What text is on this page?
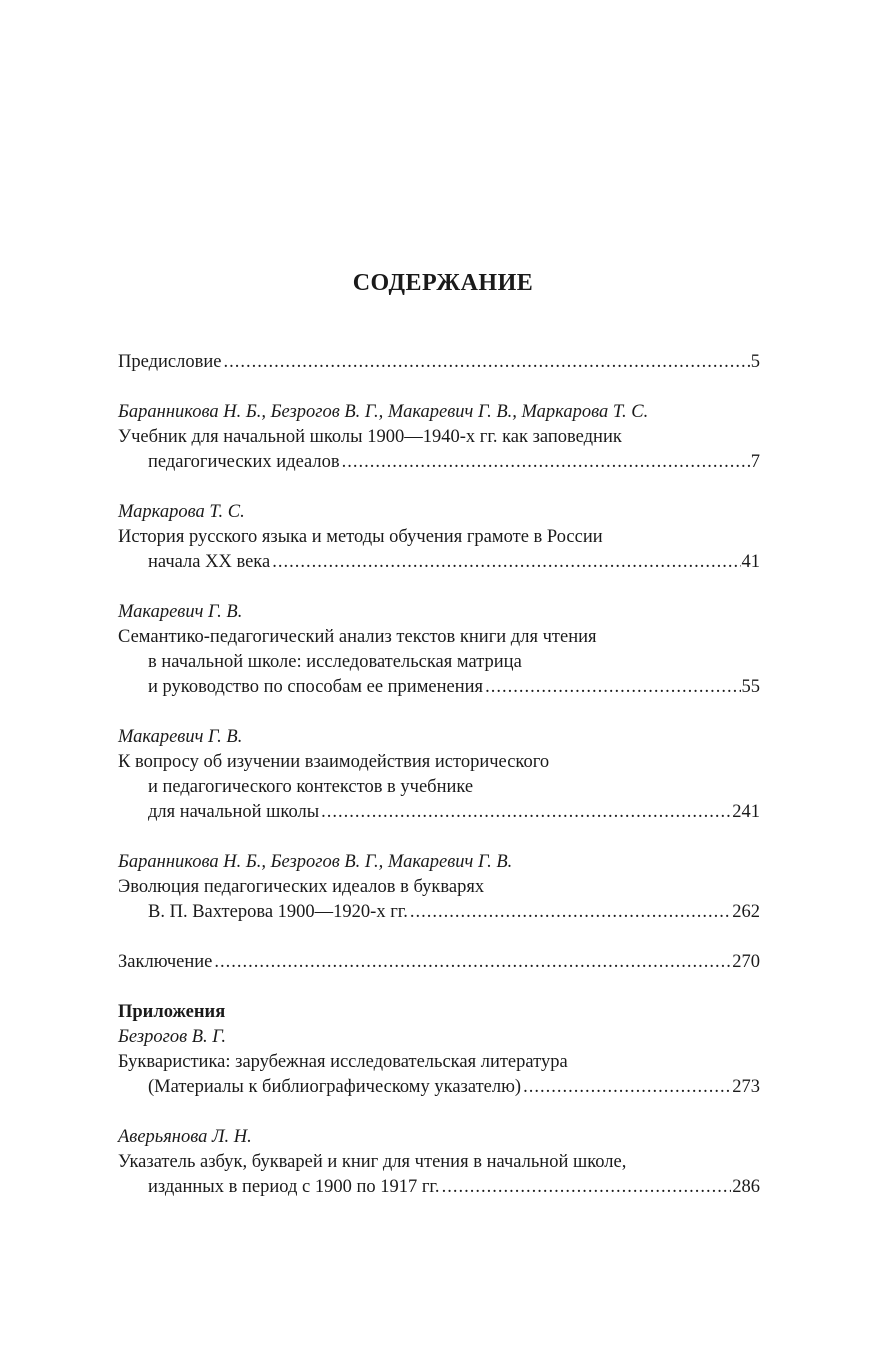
СОДЕРЖАНИЕ
Предисловие .....	5
Баранникова Н. Б., Безрогов В. Г., Макаревич Г. В., Маркарова Т. С.
Учебник для начальной школы 1900—1940-х гг. как заповедник
педагогических идеалов .....	7
Маркарова Т. С.
История русского языка и методы обучения грамоте в России
начала XX века .....	41
Макаревич Г. В.
Семантико-педагогический анализ текстов книги для чтения
в начальной школе: исследовательская матрица
и руководство по способам ее применения .....	55
Макаревич Г. В.
К вопросу об изучении взаимодействия исторического
и педагогического контекстов в учебнике
для начальной школы .....	241
Баранникова Н. Б., Безрогов В. Г., Макаревич Г. В.
Эволюция педагогических идеалов в букварях
В. П. Вахтерова 1900—1920-х гг. .....	262
Заключение .....	270
Приложения
Безрогов В. Г.
Букваристика: зарубежная исследовательская литература
(Материалы к библиографическому указателю) .....	273
Аверьянова Л. Н.
Указатель азбук, букварей и книг для чтения в начальной школе,
изданных в период с 1900 по 1917 гг. .....	286
